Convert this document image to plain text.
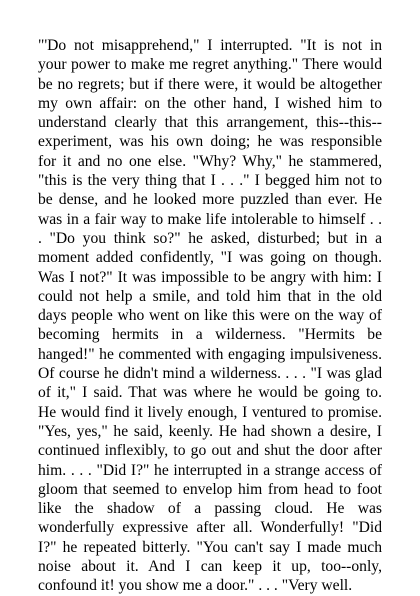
"'Do not misapprehend," I interrupted. "It is not in
your power to make me regret anything." There would
be no regrets; but if there were, it would be altogether
my own affair: on the other hand, I wished him to
understand clearly that this arrangement, this--this--
experiment, was his own doing; he was responsible
for it and no one else. "Why? Why," he stammered,
"this is the very thing that I . . ." I begged him not to
be dense, and he looked more puzzled than ever. He
was in a fair way to make life intolerable to himself . .
. "Do you think so?" he asked, disturbed; but in a
moment added confidently, "I was going on though.
Was I not?" It was impossible to be angry with him: I
could not help a smile, and told him that in the old
days people who went on like this were on the way of
becoming hermits in a wilderness. "Hermits be
hanged!" he commented with engaging impulsiveness.
Of course he didn't mind a wilderness. . . . "I was glad
of it," I said. That was where he would be going to.
He would find it lively enough, I ventured to promise.
"Yes, yes," he said, keenly. He had shown a desire, I
continued inflexibly, to go out and shut the door after
him. . . . "Did I?" he interrupted in a strange access of
gloom that seemed to envelop him from head to foot
like the shadow of a passing cloud. He was
wonderfully expressive after all. Wonderfully! "Did
I?" he repeated bitterly. "You can't say I made much
noise about it. And I can keep it up, too--only,
confound it! you show me a door." . . . "Very well.
